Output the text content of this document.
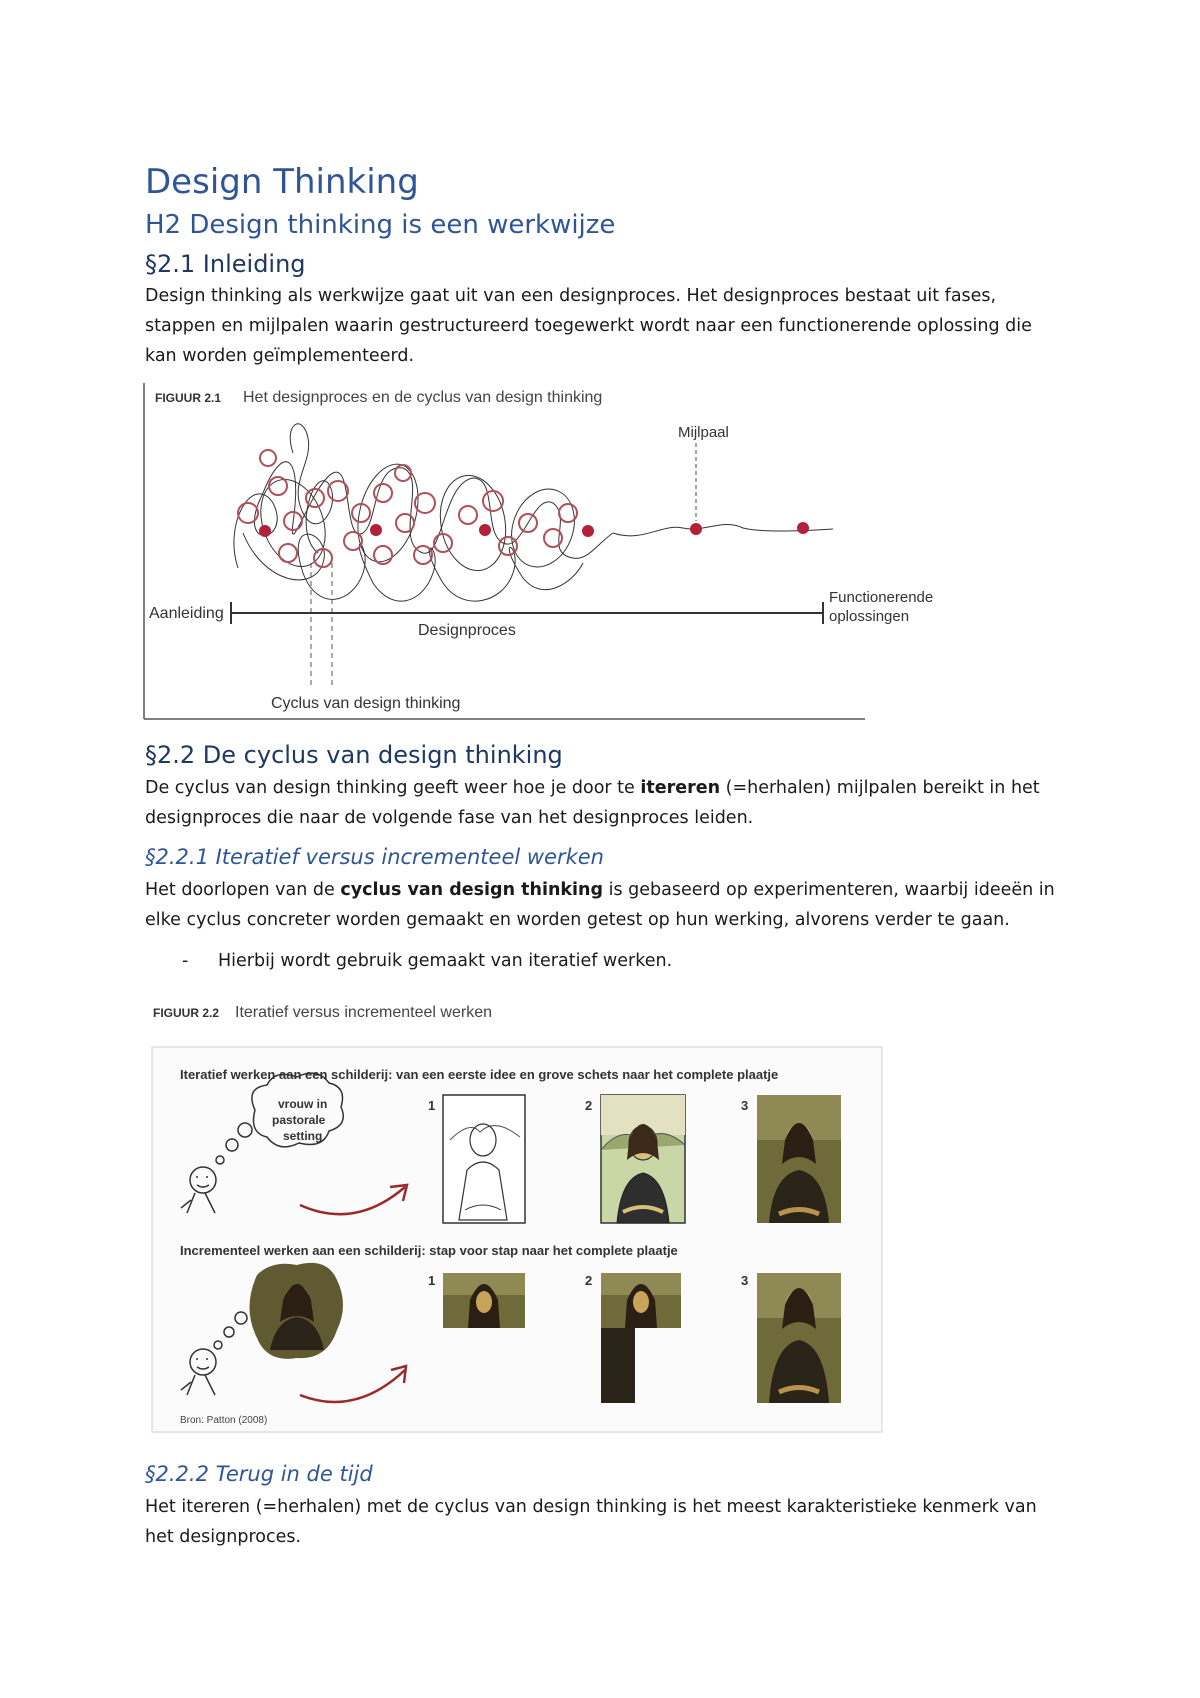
Design Thinking
H2 Design thinking is een werkwijze
§2.1 Inleiding
Design thinking als werkwijze gaat uit van een designproces. Het designproces bestaat uit fases,
stappen en mijlpalen waarin gestructureerd toegewerkt wordt naar een functionerende oplossing die
kan worden geïmplementeerd.
FIGUUR 2.1 Het designproces en de cyclus van design thinking
Mijlpaal
Aanleiding
Designproces
Functionerende
oplossingen
Cyclus van design thinking
§2.2 De cyclus van design thinking
De cyclus van design thinking geeft weer hoe je door te itereren (=herhalen) mijlpalen bereikt in het
designproces die naar de volgende fase van het designproces leiden.
§2.2.1 Iteratief versus incrementeel werken
Het doorlopen van de cyclus van design thinking is gebaseerd op experimenteren, waarbij ideeën in
elke cyclus concreter worden gemaakt en worden getest op hun werking, alvorens verder te gaan.
- Hierbij wordt gebruik gemaakt van iteratief werken.
FIGUUR 2.2 Iteratief versus incrementeel werken
Iteratief werken aan een schilderij: van een eerste idee en grove schets naar het complete plaatje
vrouw in
pastorale
setting
1	2	3
Incrementeel werken aan een schilderij: stap voor stap naar het complete plaatje
1	2	3
Bron: Patton (2008)
§2.2.2 Terug in de tijd
Het itereren (=herhalen) met de cyclus van design thinking is het meest karakteristieke kenmerk van
het designproces.
